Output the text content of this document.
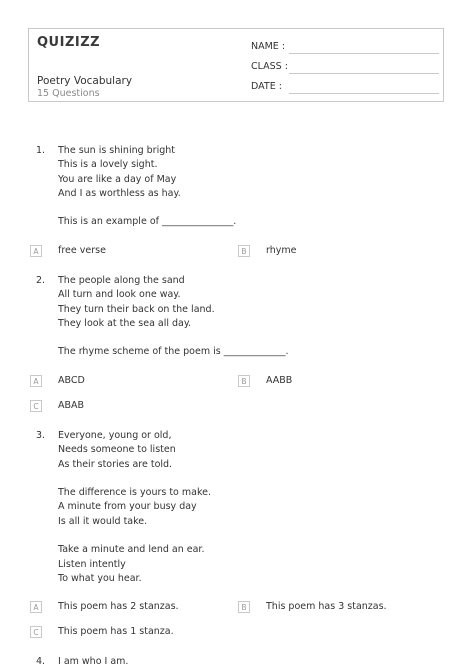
QUIZIZZ
Poetry Vocabulary
15 Questions
NAME :
CLASS :
DATE :
1. The sun is shining bright
This is a lovely sight.
You are like a day of May
And I as worthless as hay.
This is an example of _______________.
A	free verse	B	rhyme
2. The people along the sand
All turn and look one way.
They turn their back on the land.
They look at the sea all day.
The rhyme scheme of the poem is _____________.
A	ABCD	B	AABB
C	ABAB
3. Everyone, young or old,
Needs someone to listen
As their stories are told.
The difference is yours to make.
A minute from your busy day
Is all it would take.
Take a minute and lend an ear.
Listen intently
To what you hear.
A	This poem has 2 stanzas.	B	This poem has 3 stanzas.
C	This poem has 1 stanza.
4. I am who I am.
